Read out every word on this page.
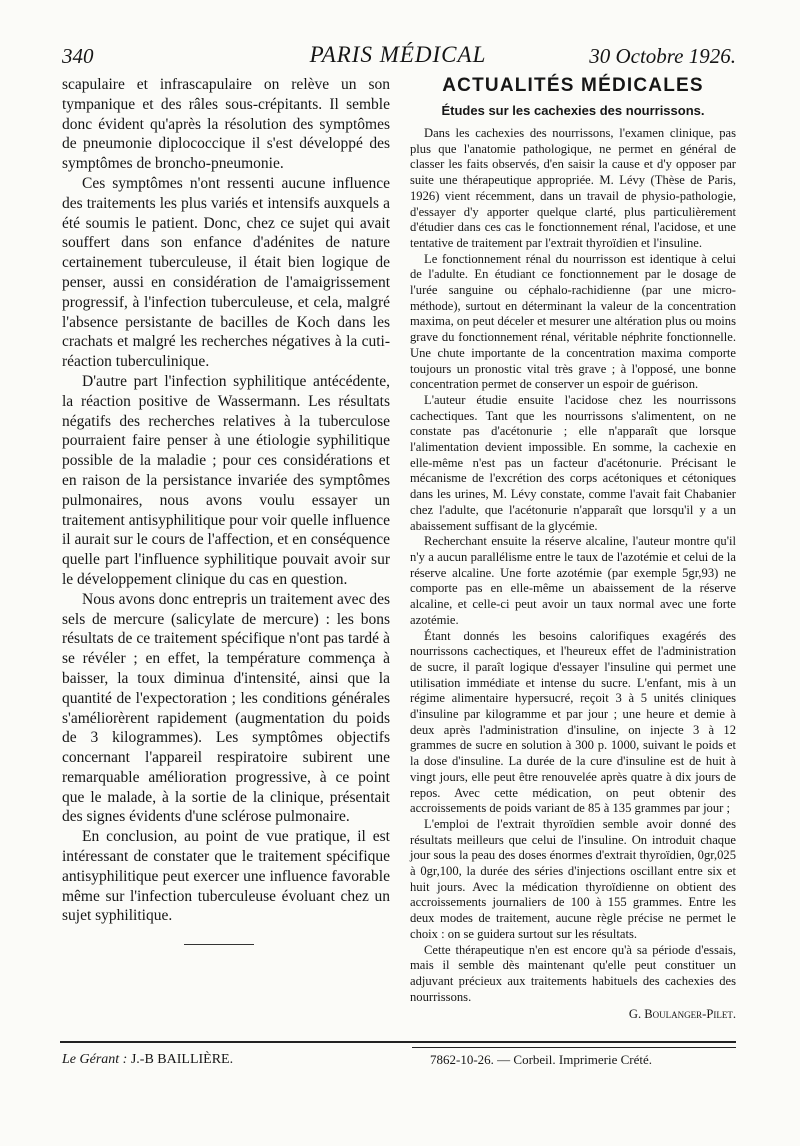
340	PARIS MÉDICAL	30 Octobre 1926.

scapulaire et infrascapulaire on relève un son tympanique et des râles sous-crépitants. Il semble donc évident qu'après la résolution des symptômes de pneumonie diplococcique il s'est développé des symptômes de broncho-pneumonie.

Ces symptômes n'ont ressenti aucune influence des traitements les plus variés et intensifs auxquels a été soumis le patient. Donc, chez ce sujet qui avait souffert dans son enfance d'adénites de nature certainement tuberculeuse, il était bien logique de penser, aussi en considération de l'amaigrissement progressif, à l'infection tuberculeuse, et cela, malgré l'absence persistante de bacilles de Koch dans les crachats et malgré les recherches négatives à la cuti-réaction tuberculinique.

D'autre part l'infection syphilitique antécédente, la réaction positive de Wassermann. Les résultats négatifs des recherches relatives à la tuberculose pourraient faire penser à une étiologie syphilitique possible de la maladie ; pour ces considérations et en raison de la persistance invariée des symptômes pulmonaires, nous avons voulu essayer un traitement antisyphilitique pour voir quelle influence il aurait sur le cours de l'affection, et en conséquence quelle part l'influence syphilitique pouvait avoir sur le développement clinique du cas en question.

Nous avons donc entrepris un traitement avec des sels de mercure (salicylate de mercure) : les bons résultats de ce traitement spécifique n'ont pas tardé à se révéler ; en effet, la température commença à baisser, la toux diminua d'intensité, ainsi que la quantité de l'expectoration ; les conditions générales s'améliorèrent rapidement (augmentation du poids de 3 kilogrammes). Les symptômes objectifs concernant l'appareil respiratoire subirent une remarquable amélioration progressive, à ce point que le malade, à la sortie de la clinique, présentait des signes évidents d'une sclérose pulmonaire.

En conclusion, au point de vue pratique, il est intéressant de constater que le traitement spécifique antisyphilitique peut exercer une influence favorable même sur l'infection tuberculeuse évoluant chez un sujet syphilitique.

ACTUALITÉS MÉDICALES
Études sur les cachexies des nourrissons.

Dans les cachexies des nourrissons, l'examen clinique, pas plus que l'anatomie pathologique, ne permet en général de classer les faits observés, d'en saisir la cause et d'y opposer par suite une thérapeutique appropriée. M. Lévy (Thèse de Paris, 1926) vient récemment, dans un travail de physio-pathologie, d'essayer d'y apporter quelque clarté, plus particulièrement d'étudier dans ces cas le fonctionnement rénal, l'acidose, et une tentative de traitement par l'extrait thyroïdien et l'insuline.

Le fonctionnement rénal du nourrisson est identique à celui de l'adulte. En étudiant ce fonctionnement par le dosage de l'urée sanguine ou céphalo-rachidienne (par une micro-méthode), surtout en déterminant la valeur de la concentration maxima, on peut déceler et mesurer une altération plus ou moins grave du fonctionnement rénal, véritable néphrite fonctionnelle. Une chute importante de la concentration maxima comporte toujours un pronostic vital très grave ; à l'opposé, une bonne concentration permet de conserver un espoir de guérison.

L'auteur étudie ensuite l'acidose chez les nourrissons cachectiques. Tant que les nourrissons s'alimentent, on ne constate pas d'acétonurie ; elle n'apparaît que lorsque l'alimentation devient impossible. En somme, la cachexie en elle-même n'est pas un facteur d'acétonurie. Précisant le mécanisme de l'excrétion des corps acétoniques et cétoniques dans les urines, M. Lévy constate, comme l'avait fait Chabanier chez l'adulte, que l'acétonurie n'apparaît que lorsqu'il y a un abaissement suffisant de la glycémie.

Recherchant ensuite la réserve alcaline, l'auteur montre qu'il n'y a aucun parallélisme entre le taux de l'azotémie et celui de la réserve alcaline. Une forte azotémie (par exemple 5gr,93) ne comporte pas en elle-même un abaissement de la réserve alcaline, et celle-ci peut avoir un taux normal avec une forte azotémie.

Étant donnés les besoins calorifiques exagérés des nourrissons cachectiques, et l'heureux effet de l'administration de sucre, il paraît logique d'essayer l'insuline qui permet une utilisation immédiate et intense du sucre. L'enfant, mis à un régime alimentaire hypersucré, reçoit 3 à 5 unités cliniques d'insuline par kilogramme et par jour ; une heure et demie à deux après l'administration d'insuline, on injecte 3 à 12 grammes de sucre en solution à 300 p. 1000, suivant le poids et la dose d'insuline. La durée de la cure d'insuline est de huit à vingt jours, elle peut être renouvelée après quatre à dix jours de repos. Avec cette médication, on peut obtenir des accroissements de poids variant de 85 à 135 grammes par jour ;

L'emploi de l'extrait thyroïdien semble avoir donné des résultats meilleurs que celui de l'insuline. On introduit chaque jour sous la peau des doses énormes d'extrait thyroïdien, 0gr,025 à 0gr,100, la durée des séries d'injections oscillant entre six et huit jours. Avec la médication thyroïdienne on obtient des accroissements journaliers de 100 à 155 grammes. Entre les deux modes de traitement, aucune règle précise ne permet le choix : on se guidera surtout sur les résultats.

Cette thérapeutique n'en est encore qu'à sa période d'essais, mais il semble dès maintenant qu'elle peut constituer un adjuvant précieux aux traitements habituels des cachexies des nourrissons.

G. Boulanger-Pilet.

Le Gérant : J.-B BAILLIÈRE.	7862-10-26. — Corbeil. Imprimerie Crété.
